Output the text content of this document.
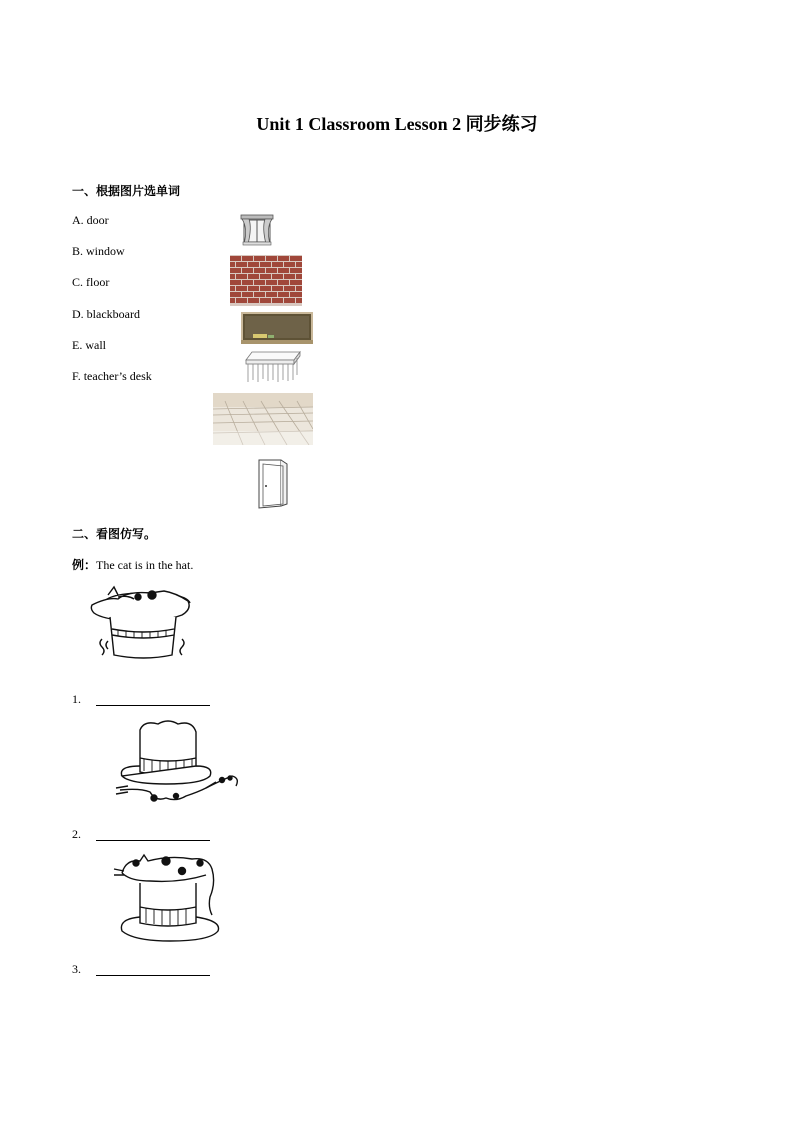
Unit 1 Classroom Lesson 2 同步练习
一、根据图片选单词
A. door
B. window
C. floor
D. blackboard
E. wall
F. teacher’s desk
二、看图仿写。
例：The cat is in the hat.
1.
2.
3.
